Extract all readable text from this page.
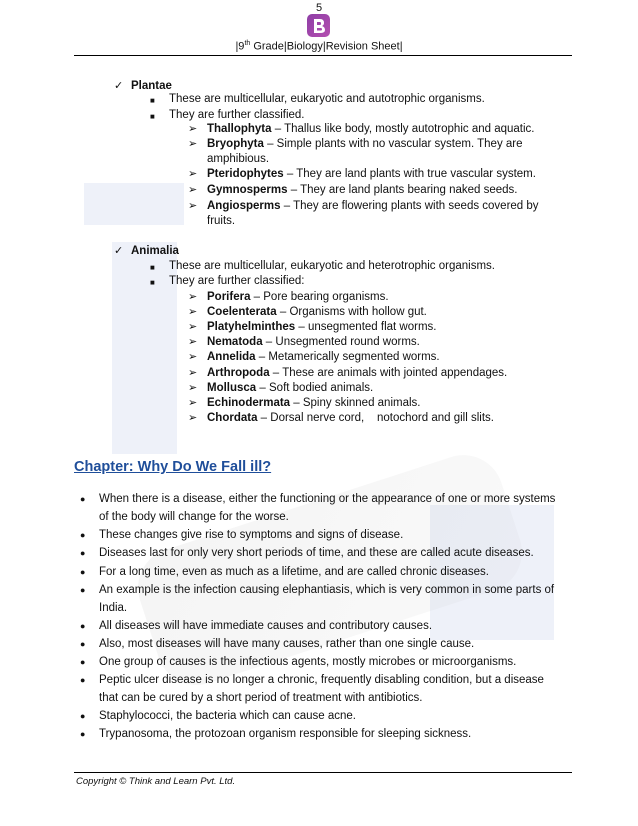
5
|9th Grade|Biology|Revision Sheet|
✓ Plantae
■ These are multicellular, eukaryotic and autotrophic organisms.
■ They are further classified.
➢ Thallophyta – Thallus like body, mostly autotrophic and aquatic.
➢ Bryophyta – Simple plants with no vascular system. They are
amphibious.
➢ Pteridophytes – They are land plants with true vascular system.
➢ Gymnosperms – They are land plants bearing naked seeds.
➢ Angiosperms – They are flowering plants with seeds covered by
fruits.
✓ Animalia
■ These are multicellular, eukaryotic and heterotrophic organisms.
■ They are further classified:
➢ Porifera – Pore bearing organisms.
➢ Coelenterata – Organisms with hollow gut.
➢ Platyhelminthes – unsegmented flat worms.
➢ Nematoda – Unsegmented round worms.
➢ Annelida – Metamerically segmented worms.
➢ Arthropoda – These are animals with jointed appendages.
➢ Mollusca – Soft bodied animals.
➢ Echinodermata – Spiny skinned animals.
➢ Chordata – Dorsal nerve cord,    notochord and gill slits.
Chapter: Why Do We Fall ill?
● When there is a disease, either the functioning or the appearance of one or more systems
of the body will change for the worse.
● These changes give rise to symptoms and signs of disease.
● Diseases last for only very short periods of time, and these are called acute diseases.
● For a long time, even as much as a lifetime, and are called chronic diseases.
● An example is the infection causing elephantiasis, which is very common in some parts of
India.
● All diseases will have immediate causes and contributory causes.
● Also, most diseases will have many causes, rather than one single cause.
● One group of causes is the infectious agents, mostly microbes or microorganisms.
● Peptic ulcer disease is no longer a chronic, frequently disabling condition, but a disease
that can be cured by a short period of treatment with antibiotics.
● Staphylococci, the bacteria which can cause acne.
● Trypanosoma, the protozoan organism responsible for sleeping sickness.
Copyright © Think and Learn Pvt. Ltd.
